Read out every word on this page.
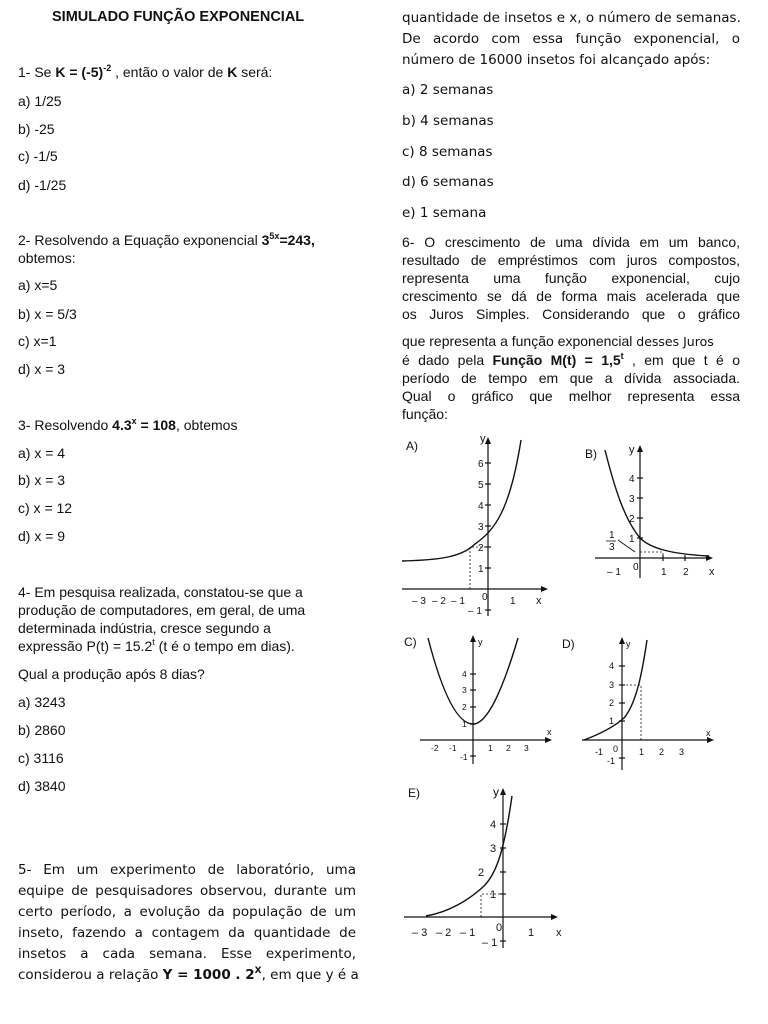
SIMULADO FUNÇÃO EXPONENCIAL
1- Se $K = (-5)^{-2}$ , então o valor de K será:
a) 1/25
b) -25
c) -1/5
d) -1/25
2- Resolvendo a Equação exponencial $3^{5x}=243$,
obtemos:
a) x=5
b) x = 5/3
c) x=1
d) x = 3
3- Resolvendo $4.3^x = 108$, obtemos
a) x = 4
b) x = 3
c) x = 12
d) x = 9
4- Em pesquisa realizada, constatou-se que a
produção de computadores, em geral, de uma
determinada indústria, cresce segundo a
expressão $P(t) = 15.2^t$ (t é o tempo em dias).
Qual a produção após 8 dias?
a) 3243
b) 2860
c) 3116
d) 3840
5- Em um experimento de laboratório, uma
equipe de pesquisadores observou, durante um
certo período, a evolução da população de um
inseto, fazendo a contagem da quantidade de
insetos a cada semana. Esse experimento,
considerou a relação Y = 1000 . $2^X$, em que y é a
quantidade de insetos e x, o número de semanas.
De acordo com essa função exponencial, o
número de 16000 insetos foi alcançado após:
a) 2 semanas
b) 4 semanas
c) 8 semanas
d) 6 semanas
e) 1 semana
6- O crescimento de uma dívida em um banco,
resultado de empréstimos com juros compostos,
representa uma função exponencial, cujo
crescimento se dá de forma mais acelerada que
os Juros Simples. Considerando que o gráfico
que representa a função exponencial desses Juros
é dado pela Função $M(t) = 1,5^t$ , em que t é o
período de tempo em que a dívida associada.
Qual o gráfico que melhor representa essa
função:
A)	y
x
6
5
4
3
2
1
– 1
– 3 – 2 – 1 0 1
B)	y
x
4
3
2
1
– 1 0 1 2
1
3
C)	y
x
4
3
2
1
-1
-2 -1	1 2 3
D)	y
x
4
3
2
1
-1
-1 0 1 2 3
E)	y
x
4
3
2
1
– 1
– 3 – 2 – 1 0 1
